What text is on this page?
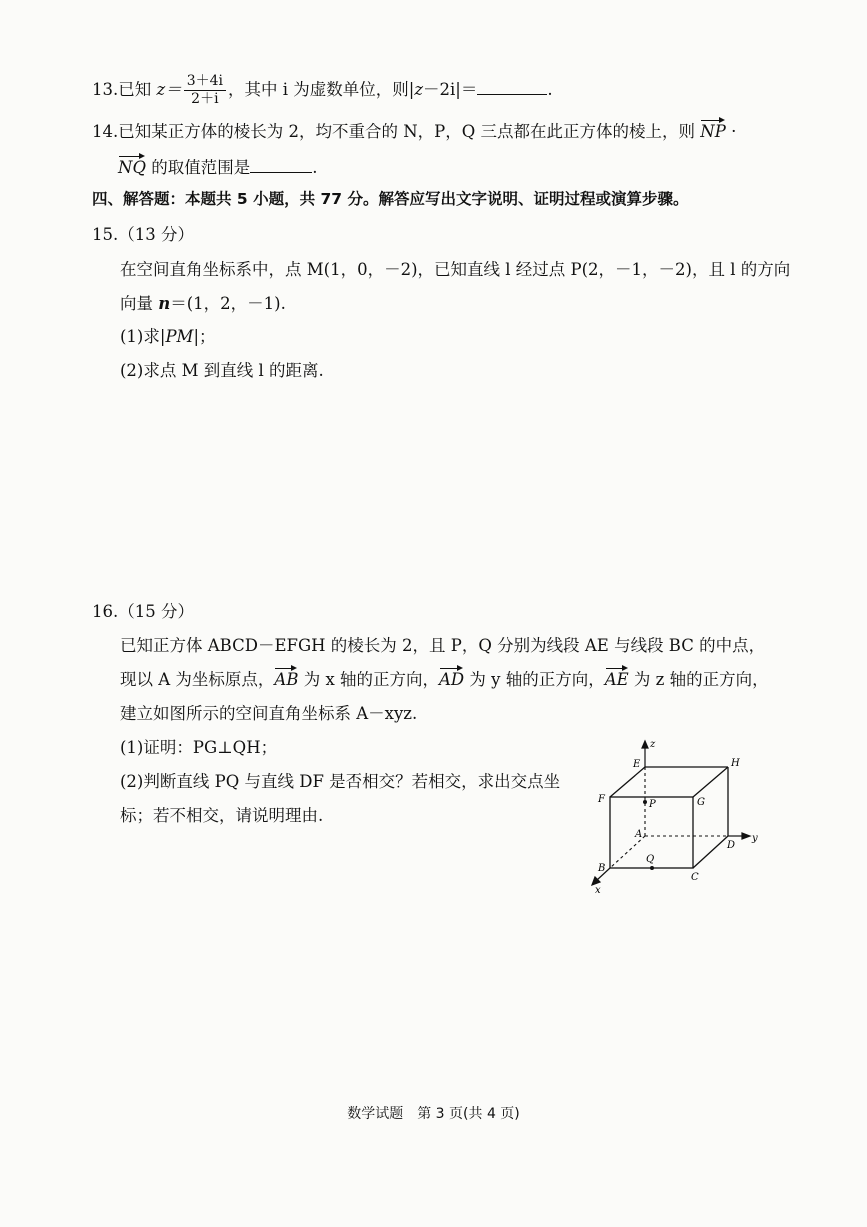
13.已知 $z= \frac{3+4i}{2+i}$ ，其中 i 为虚数单位，则|z－2i|＝	.
14.已知某正方体的棱长为 2，均不重合的 N，P，Q 三点都在此正方体的棱上，则 NP ·
NQ 的取值范围是	.
四、解答题：本题共 5 小题，共 77 分。解答应写出文字说明、证明过程或演算步骤。
15.（13 分）
在空间直角坐标系中，点 M(1，0，－2)，已知直线 l 经过点 P(2，－1，－2)，且 l 的方向
向量 n＝(1，2，－1).
(1)求|PM|；
(2)求点 M 到直线 l 的距离.
16.（15 分）
已知正方体 ABCD－EFGH 的棱长为 2，且 P，Q 分别为线段 AE 与线段 BC 的中点，
现以 A 为坐标原点，AB 为 x 轴的正方向，AD 为 y 轴的正方向，AE 为 z 轴的正方向，
建立如图所示的空间直角坐标系 A－xyz.
(1)证明：PG⊥QH；
(2)判断直线 PQ 与直线 DF 是否相交？若相交，求出交点坐
标；若不相交，请说明理由.
z
E	H
F	P	G
A	y
D
B
Q
C
x
数学试题　第 3 页(共 4 页)
